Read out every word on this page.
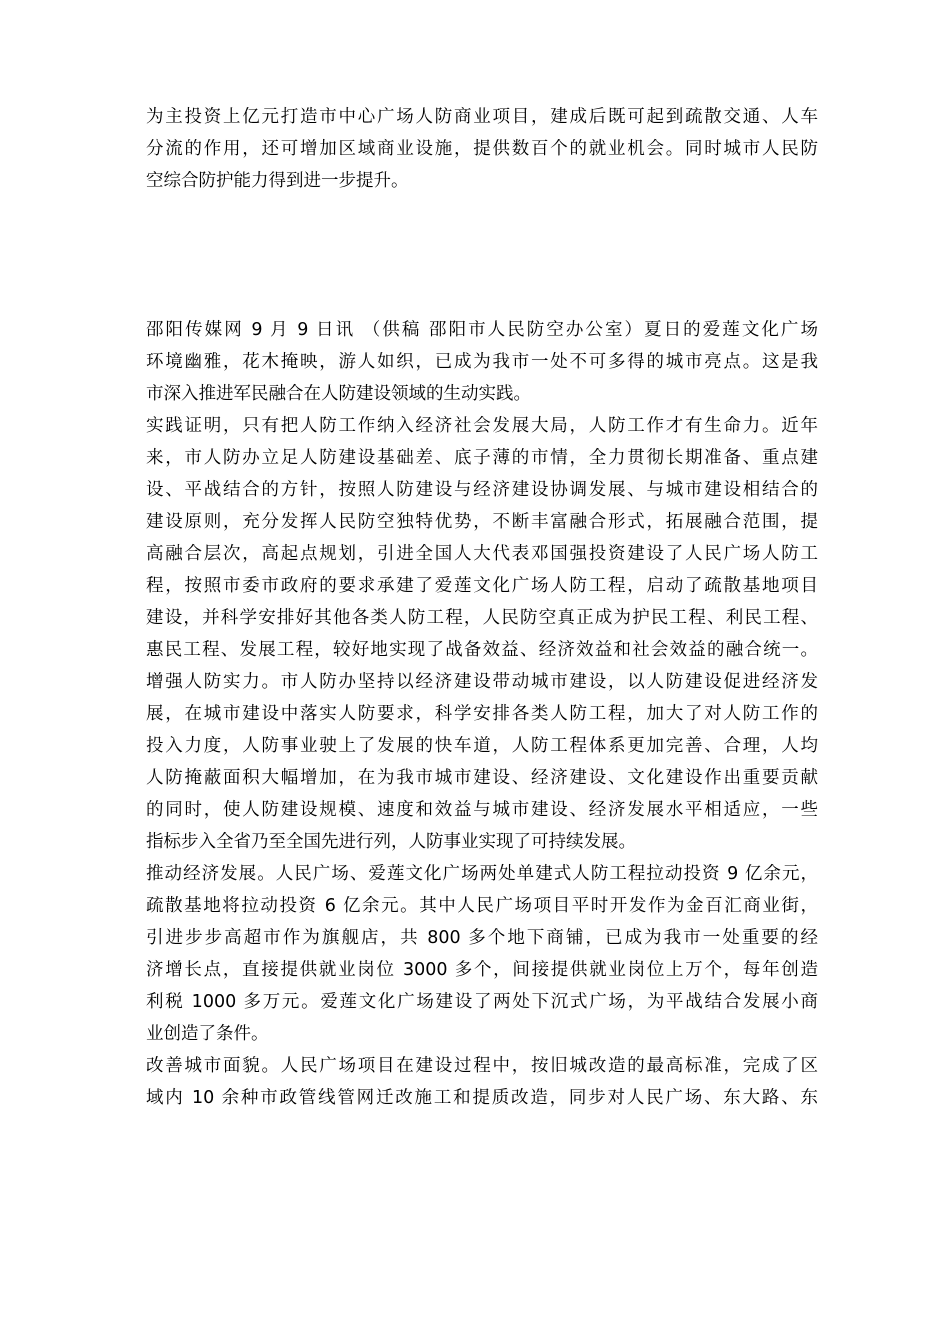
为主投资上亿元打造市中心广场人防商业项目，建成后既可起到疏散交通、人车
分流的作用，还可增加区域商业设施，提供数百个的就业机会。同时城市人民防
空综合防护能力得到进一步提升。
邵阳传媒网 9 月 9 日讯 （供稿 邵阳市人民防空办公室）夏日的爱莲文化广场
环境幽雅，花木掩映，游人如织，已成为我市一处不可多得的城市亮点。这是我
市深入推进军民融合在人防建设领域的生动实践。
实践证明，只有把人防工作纳入经济社会发展大局，人防工作才有生命力。近年
来，市人防办立足人防建设基础差、底子薄的市情，全力贯彻长期准备、重点建
设、平战结合的方针，按照人防建设与经济建设协调发展、与城市建设相结合的
建设原则，充分发挥人民防空独特优势，不断丰富融合形式，拓展融合范围，提
高融合层次，高起点规划，引进全国人大代表邓国强投资建设了人民广场人防工
程，按照市委市政府的要求承建了爱莲文化广场人防工程，启动了疏散基地项目
建设，并科学安排好其他各类人防工程，人民防空真正成为护民工程、利民工程、
惠民工程、发展工程，较好地实现了战备效益、经济效益和社会效益的融合统一。
增强人防实力。市人防办坚持以经济建设带动城市建设，以人防建设促进经济发
展，在城市建设中落实人防要求，科学安排各类人防工程，加大了对人防工作的
投入力度，人防事业驶上了发展的快车道，人防工程体系更加完善、合理，人均
人防掩蔽面积大幅增加，在为我市城市建设、经济建设、文化建设作出重要贡献
的同时，使人防建设规模、速度和效益与城市建设、经济发展水平相适应，一些
指标步入全省乃至全国先进行列，人防事业实现了可持续发展。
推动经济发展。人民广场、爱莲文化广场两处单建式人防工程拉动投资 9 亿余元，
疏散基地将拉动投资 6 亿余元。其中人民广场项目平时开发作为金百汇商业街，
引进步步高超市作为旗舰店，共 800 多个地下商铺，已成为我市一处重要的经
济增长点，直接提供就业岗位 3000 多个，间接提供就业岗位上万个，每年创造
利税 1000 多万元。爱莲文化广场建设了两处下沉式广场，为平战结合发展小商
业创造了条件。
改善城市面貌。人民广场项目在建设过程中，按旧城改造的最高标准，完成了区
域内 10 余种市政管线管网迁改施工和提质改造，同步对人民广场、东大路、东
